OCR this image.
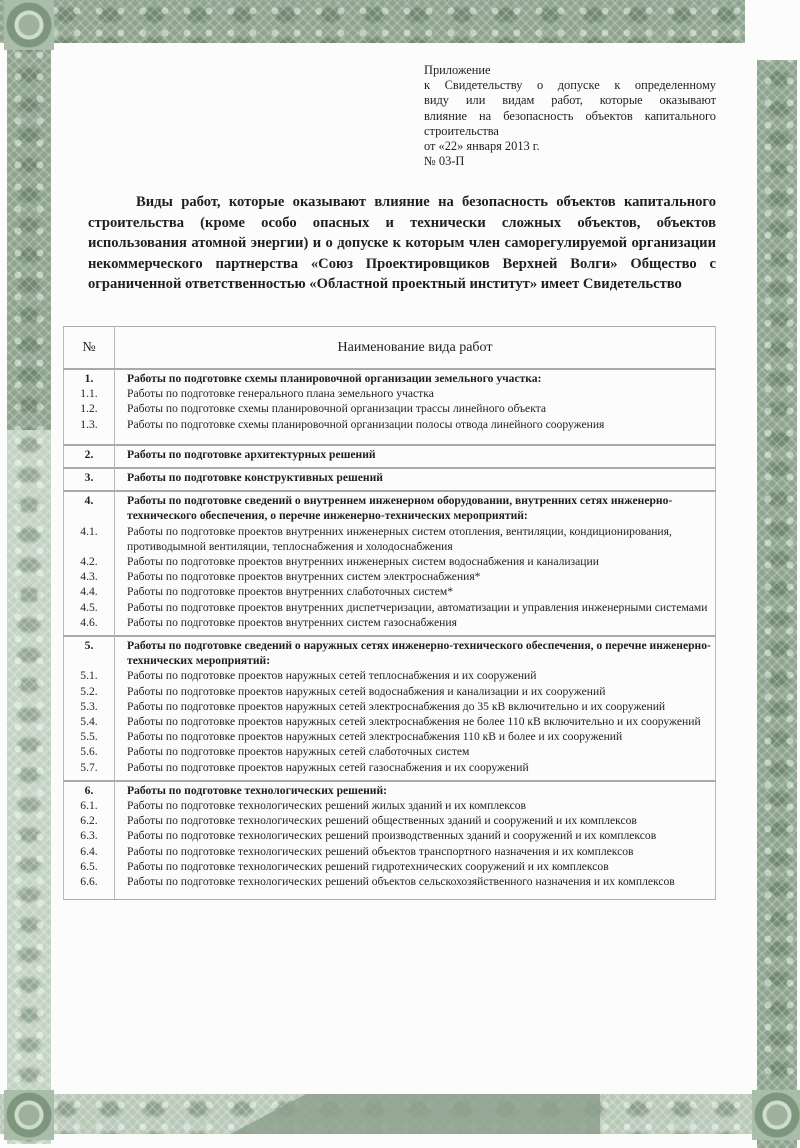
Приложение
к Свидетельству о допуске к определенному
виду или видам работ, которые оказывают
влияние на безопасность объектов капитального
строительства
от «22» января 2013 г.
№ 03-П
Виды работ, которые оказывают влияние на безопасность объектов капитального строительства (кроме особо опасных и технически сложных объектов, объектов использования атомной энергии) и о допуске к которым член саморегулируемой организации некоммерческого партнерства «Союз Проектировщиков Верхней Волги» Общество с ограниченной ответственностью «Областной проектный институт» имеет Свидетельство
№	Наименование вида работ
1.	Работы по подготовке схемы планировочной организации земельного участка:
1.1.	Работы по подготовке генерального плана земельного участка
1.2.	Работы по подготовке схемы планировочной организации трассы линейного объекта
1.3.	Работы по подготовке схемы планировочной организации полосы отвода линейного сооружения

2.	Работы по подготовке архитектурных решений
3.	Работы по подготовке конструктивных решений
4.	Работы по подготовке сведений о внутреннем инженерном оборудовании, внутренних сетях инженерно-технического обеспечения, о перечне инженерно-технических мероприятий:
4.1.	Работы по подготовке проектов внутренних инженерных систем отопления, вентиляции, кондиционирования, противодымной вентиляции, теплоснабжения и холодоснабжения
4.2.	Работы по подготовке проектов внутренних инженерных систем водоснабжения и канализации
4.3.	Работы по подготовке проектов внутренних систем электроснабжения*
4.4.	Работы по подготовке проектов внутренних слаботочных систем*
4.5.	Работы по подготовке проектов внутренних диспетчеризации, автоматизации и управления инженерными системами
4.6.	Работы по подготовке проектов внутренних систем газоснабжения
5.	Работы по подготовке сведений о наружных сетях инженерно-технического обеспечения, о перечне инженерно-технических мероприятий:
5.1.	Работы по подготовке проектов наружных сетей теплоснабжения и их сооружений
5.2.	Работы по подготовке проектов наружных сетей водоснабжения и канализации и их сооружений
5.3.	Работы по подготовке проектов наружных сетей электроснабжения до 35 кВ включительно и их сооружений
5.4.	Работы по подготовке проектов наружных сетей электроснабжения не более 110 кВ включительно и их сооружений
5.5.	Работы по подготовке проектов наружных сетей электроснабжения 110 кВ и более и их сооружений
5.6.	Работы по подготовке проектов наружных сетей слаботочных систем
5.7.	Работы по подготовке проектов наружных сетей газоснабжения и их сооружений
6.	Работы по подготовке технологических решений:
6.1.	Работы по подготовке технологических решений жилых зданий и их комплексов
6.2.	Работы по подготовке технологических решений общественных зданий и сооружений и их комплексов
6.3.	Работы по подготовке технологических решений производственных зданий и сооружений и их комплексов
6.4.	Работы по подготовке технологических решений объектов транспортного назначения и их комплексов
6.5.	Работы по подготовке технологических решений гидротехнических сооружений и их комплексов
6.6.	Работы по подготовке технологических решений объектов сельскохозяйственного назначения и их комплексов
